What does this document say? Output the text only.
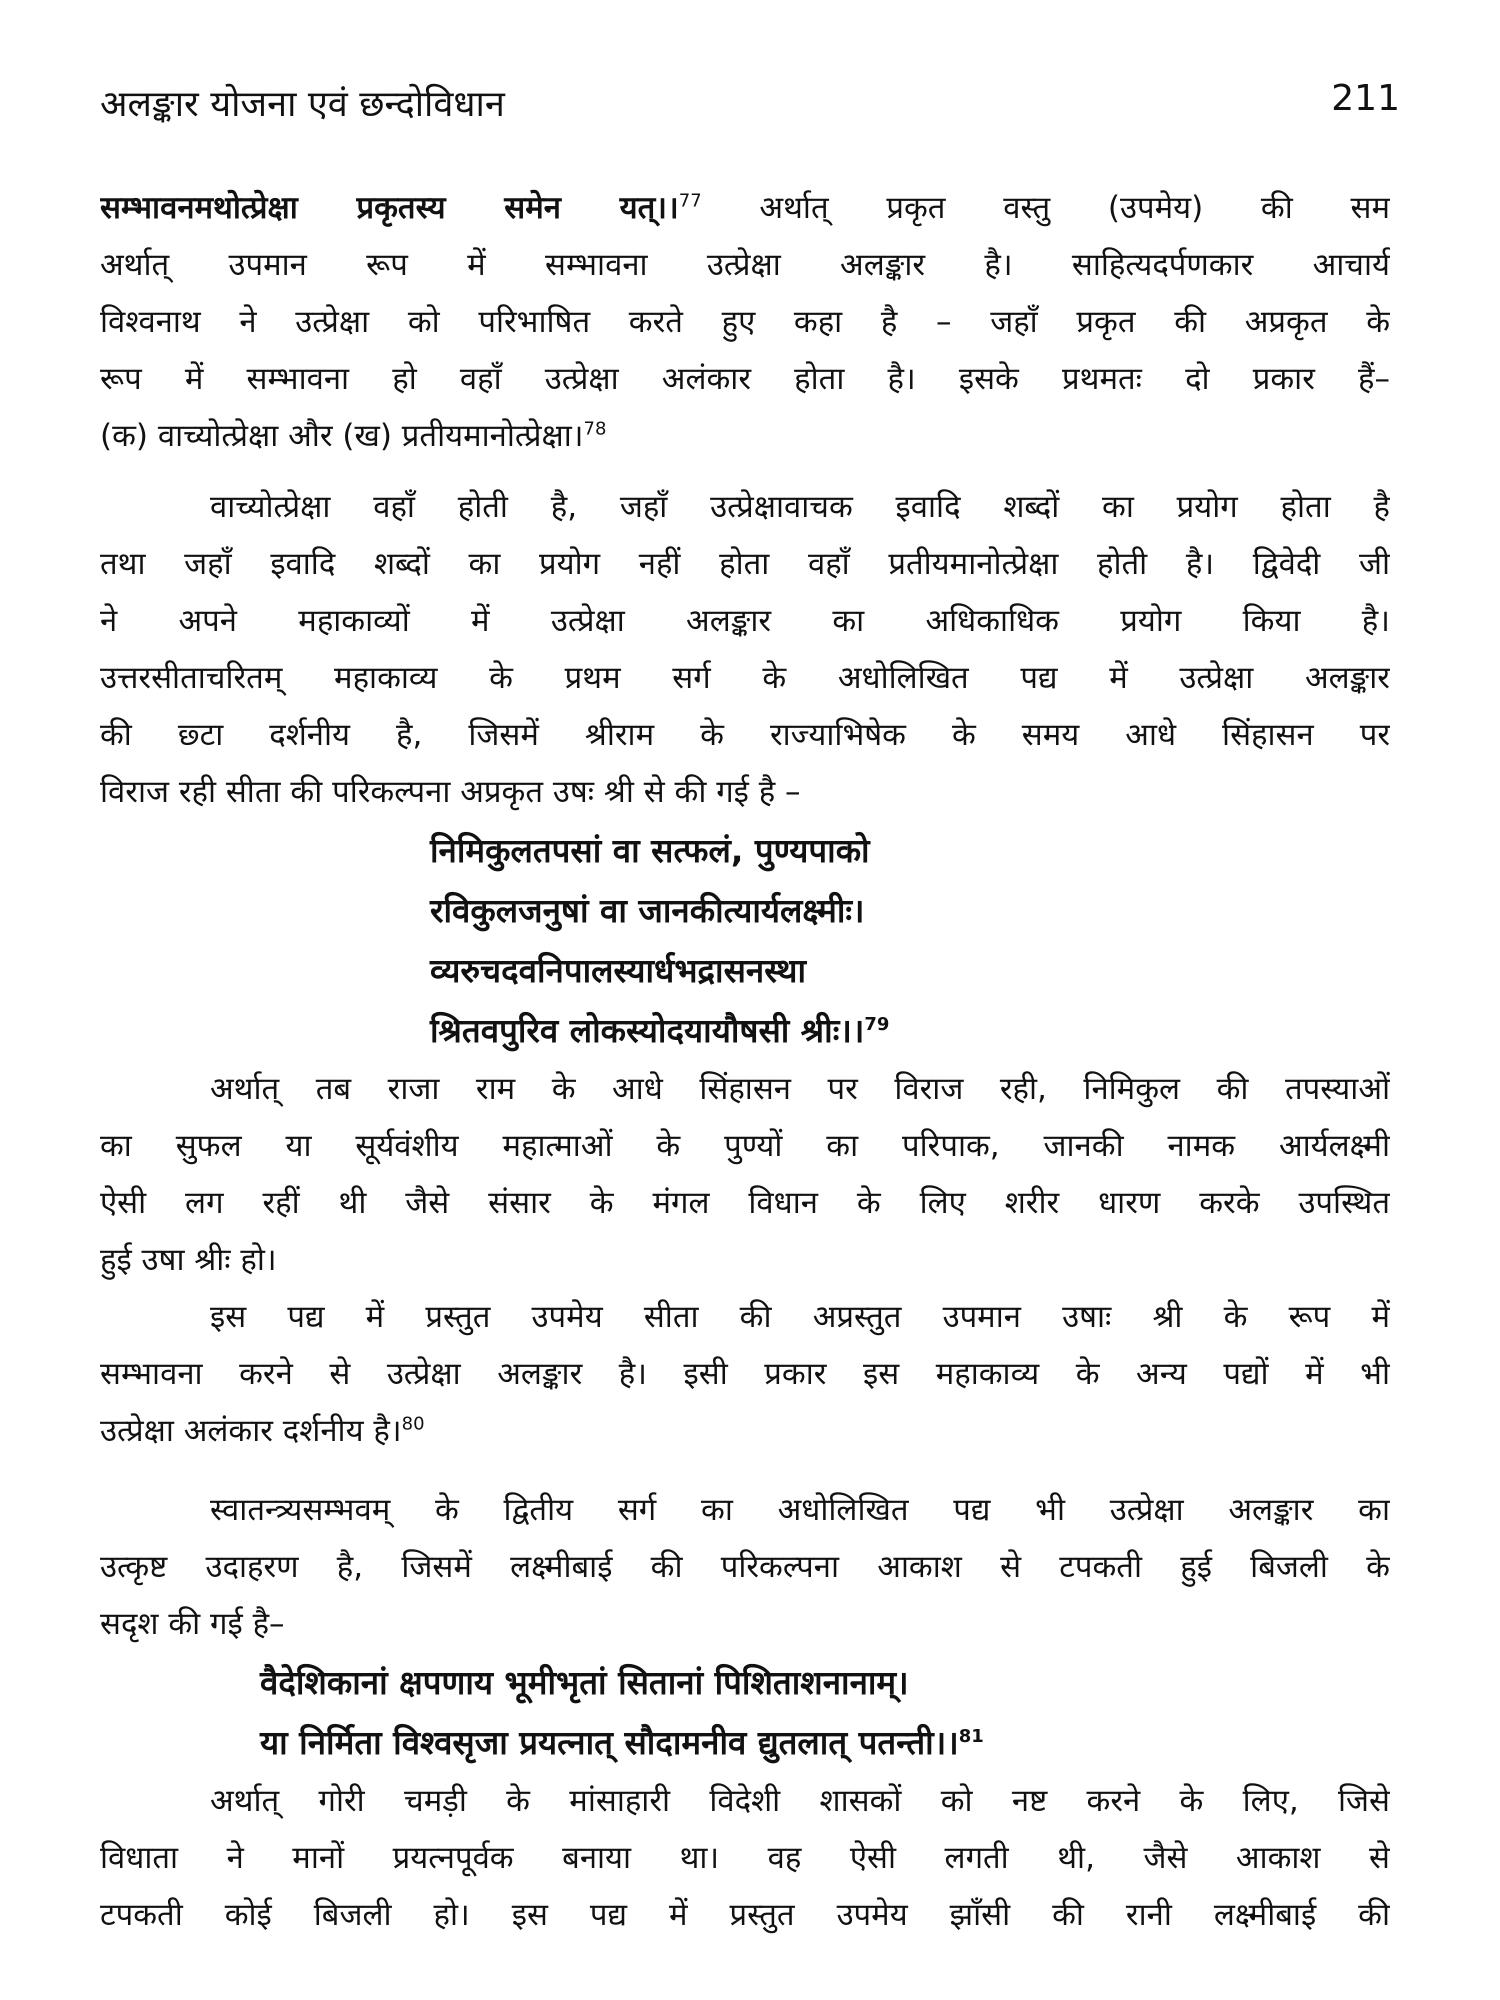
अलङ्कार योजना एवं छन्दोविधान	211
सम्भावनमथोत्प्रेक्षा प्रकृतस्य समेन यत्।।$^{77}$ अर्थात् प्रकृत वस्तु (उपमेय) की सम
अर्थात् उपमान रूप में सम्भावना उत्प्रेक्षा अलङ्कार है। साहित्यदर्पणकार आचार्य
विश्वनाथ ने उत्प्रेक्षा को परिभाषित करते हुए कहा है – जहाँ प्रकृत की अप्रकृत के
रूप में सम्भावना हो वहाँ उत्प्रेक्षा अलंकार होता है। इसके प्रथमतः दो प्रकार हैं–
(क) वाच्योत्प्रेक्षा और (ख) प्रतीयमानोत्प्रेक्षा।$^{78}$
वाच्योत्प्रेक्षा वहाँ होती है, जहाँ उत्प्रेक्षावाचक इवादि शब्दों का प्रयोग होता है
तथा जहाँ इवादि शब्दों का प्रयोग नहीं होता वहाँ प्रतीयमानोत्प्रेक्षा होती है। द्विवेदी जी
ने अपने महाकाव्यों में उत्प्रेक्षा अलङ्कार का अधिकाधिक प्रयोग किया है।
उत्तरसीताचरितम् महाकाव्य के प्रथम सर्ग के अधोलिखित पद्य में उत्प्रेक्षा अलङ्कार
की छ्टा दर्शनीय है, जिसमें श्रीराम के राज्याभिषेक के समय आधे सिंहासन पर
विराज रही सीता की परिकल्पना अप्रकृत उषः श्री से की गई है –
निमिकुलतपसां वा सत्फलं, पुण्यपाको
रविकुलजनुषां वा जानकीत्यार्यलक्ष्मीः।
व्यरुचदवनिपालस्यार्धभद्रासनस्था
श्रितवपुरिव लोकस्योदयायौषसी श्रीः।।$^{79}$
अर्थात् तब राजा राम के आधे सिंहासन पर विराज रही, निमिकुल की तपस्याओं
का सुफल या सूर्यवंशीय महात्माओं के पुण्यों का परिपाक, जानकी नामक आर्यलक्ष्मी
ऐसी लग रहीं थी जैसे संसार के मंगल विधान के लिए शरीर धारण करके उपस्थित
हुई उषा श्रीः हो।
इस पद्य में प्रस्तुत उपमेय सीता की अप्रस्तुत उपमान उषाः श्री के रूप में
सम्भावना करने से उत्प्रेक्षा अलङ्कार है। इसी प्रकार इस महाकाव्य के अन्य पद्यों में भी
उत्प्रेक्षा अलंकार दर्शनीय है।$^{80}$
स्वातन्त्र्यसम्भवम् के द्वितीय सर्ग का अधोलिखित पद्य भी उत्प्रेक्षा अलङ्कार का
उत्कृष्ट उदाहरण है, जिसमें लक्ष्मीबाई की परिकल्पना आकाश से टपकती हुई बिजली के
सदृश की गई है–
वैदेशिकानां क्षपणाय भूमीभृतां सितानां पिशिताशनानाम्।
या निर्मिता विश्वसृजा प्रयत्नात् सौदामनीव द्युतलात् पतन्ती।।$^{81}$
अर्थात् गोरी चमड़ी के मांसाहारी विदेशी शासकों को नष्ट करने के लिए, जिसे
विधाता ने मानों प्रयत्नपूर्वक बनाया था। वह ऐसी लगती थी, जैसे आकाश से
टपकती कोई बिजली हो। इस पद्य में प्रस्तुत उपमेय झाँसी की रानी लक्ष्मीबाई की
